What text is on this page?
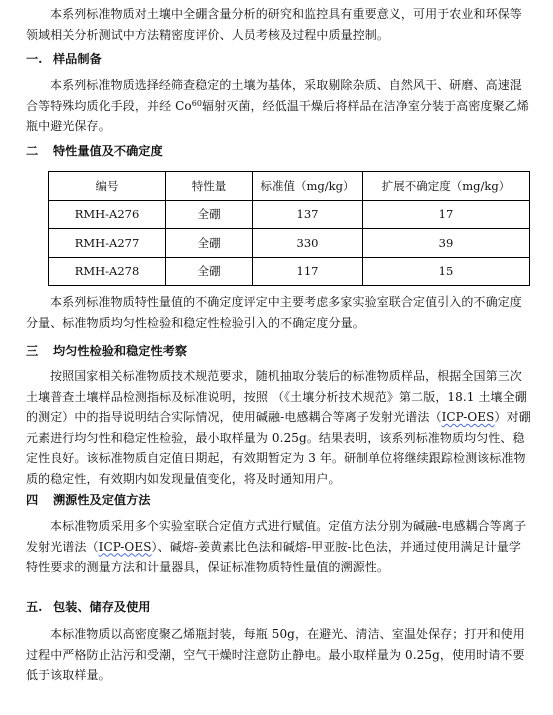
本系列标准物质对土壤中全硼含量分析的研究和监控具有重要意义，可用于农业和环保等领域相关分析测试中方法精密度评价、人员考核及过程中质量控制。

一. 样品制备

本系列标准物质选择经筛查稳定的土壤为基体，采取剔除杂质、自然风干、研磨、高速混合等特殊均质化手段，并经 Co$^{60}$辐射灭菌，经低温干燥后将样品在洁净室分装于高密度聚乙烯瓶中避光保存。

二 特性量值及不确定度
编号	特性量	标准值（mg/kg）	扩展不确定度（mg/kg）
RMH-A276	全硼	137	17
RMH-A277	全硼	330	39
RMH-A278	全硼	117	15

本系列标准物质特性量值的不确定度评定中主要考虑多家实验室联合定值引入的不确定度分量、标准物质均匀性检验和稳定性检验引入的不确定度分量。

三 均匀性检验和稳定性考察

按照国家相关标准物质技术规范要求，随机抽取分装后的标准物质样品，根据全国第三次土壤普查土壤样品检测指标及标准说明，按照 （《土壤分析技术规范》第二版，18.1 土壤全硼的测定）中的指导说明结合实际情况，使用碱融-电感耦合等离子发射光谱法（ICP-OES）对硼元素进行均匀性和稳定性检验，最小取样量为 0.25g。结果表明，该系列标准物质均匀性、稳定性良好。该标准物质自定值日期起，有效期暂定为 3 年。研制单位将继续跟踪检测该标准物质的稳定性，有效期内如发现量值变化，将及时通知用户。

四 溯源性及定值方法

本标准物质采用多个实验室联合定值方式进行赋值。定值方法分别为碱融-电感耦合等离子发射光谱法（ICP-OES）、碱熔-姜黄素比色法和碱熔-甲亚胺-比色法，并通过使用满足计量学特性要求的测量方法和计量器具，保证标准物质特性量值的溯源性。

五. 包装、储存及使用

本标准物质以高密度聚乙烯瓶封装，每瓶 50g，在避光、清洁、室温处保存；打开和使用过程中严格防止沾污和受潮，空气干燥时注意防止静电。最小取样量为 0.25g，使用时请不要低于该取样量。
